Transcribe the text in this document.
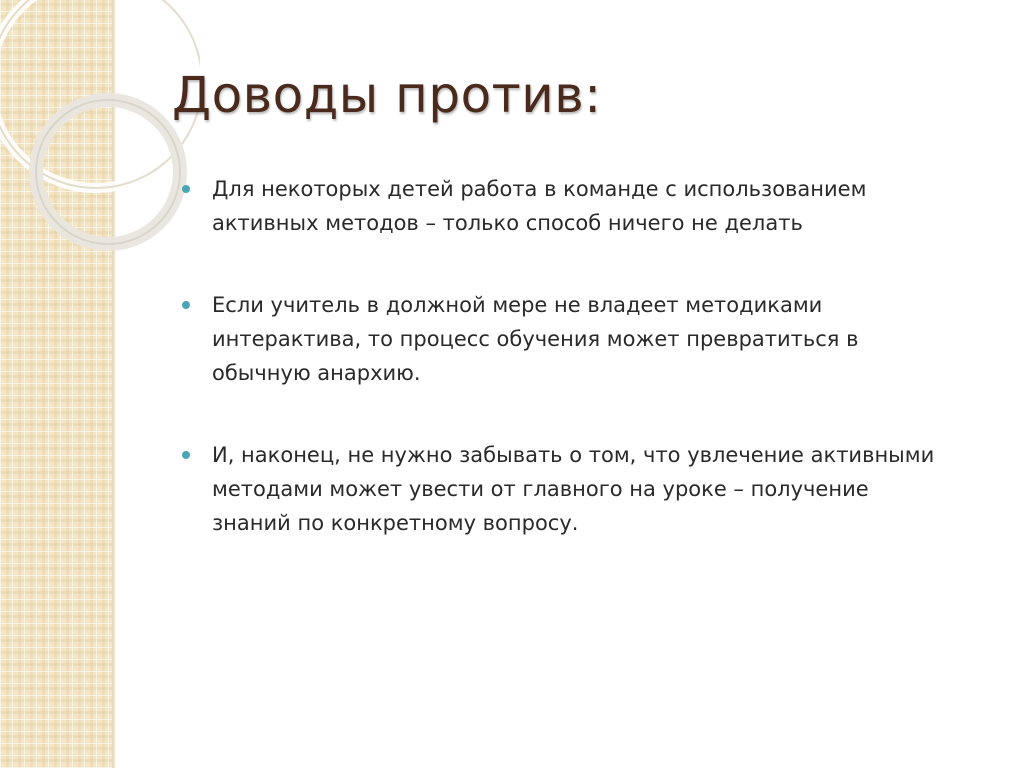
Доводы против:
Для некоторых детей работа в команде с использованием активных методов – только способ ничего не делать
Если учитель в должной мере не владеет методиками интерактива, то процесс обучения может превратиться в обычную анархию.
И, наконец, не нужно забывать о том, что увлечение активными методами может увести от главного на уроке – получение знаний по конкретному вопросу.
